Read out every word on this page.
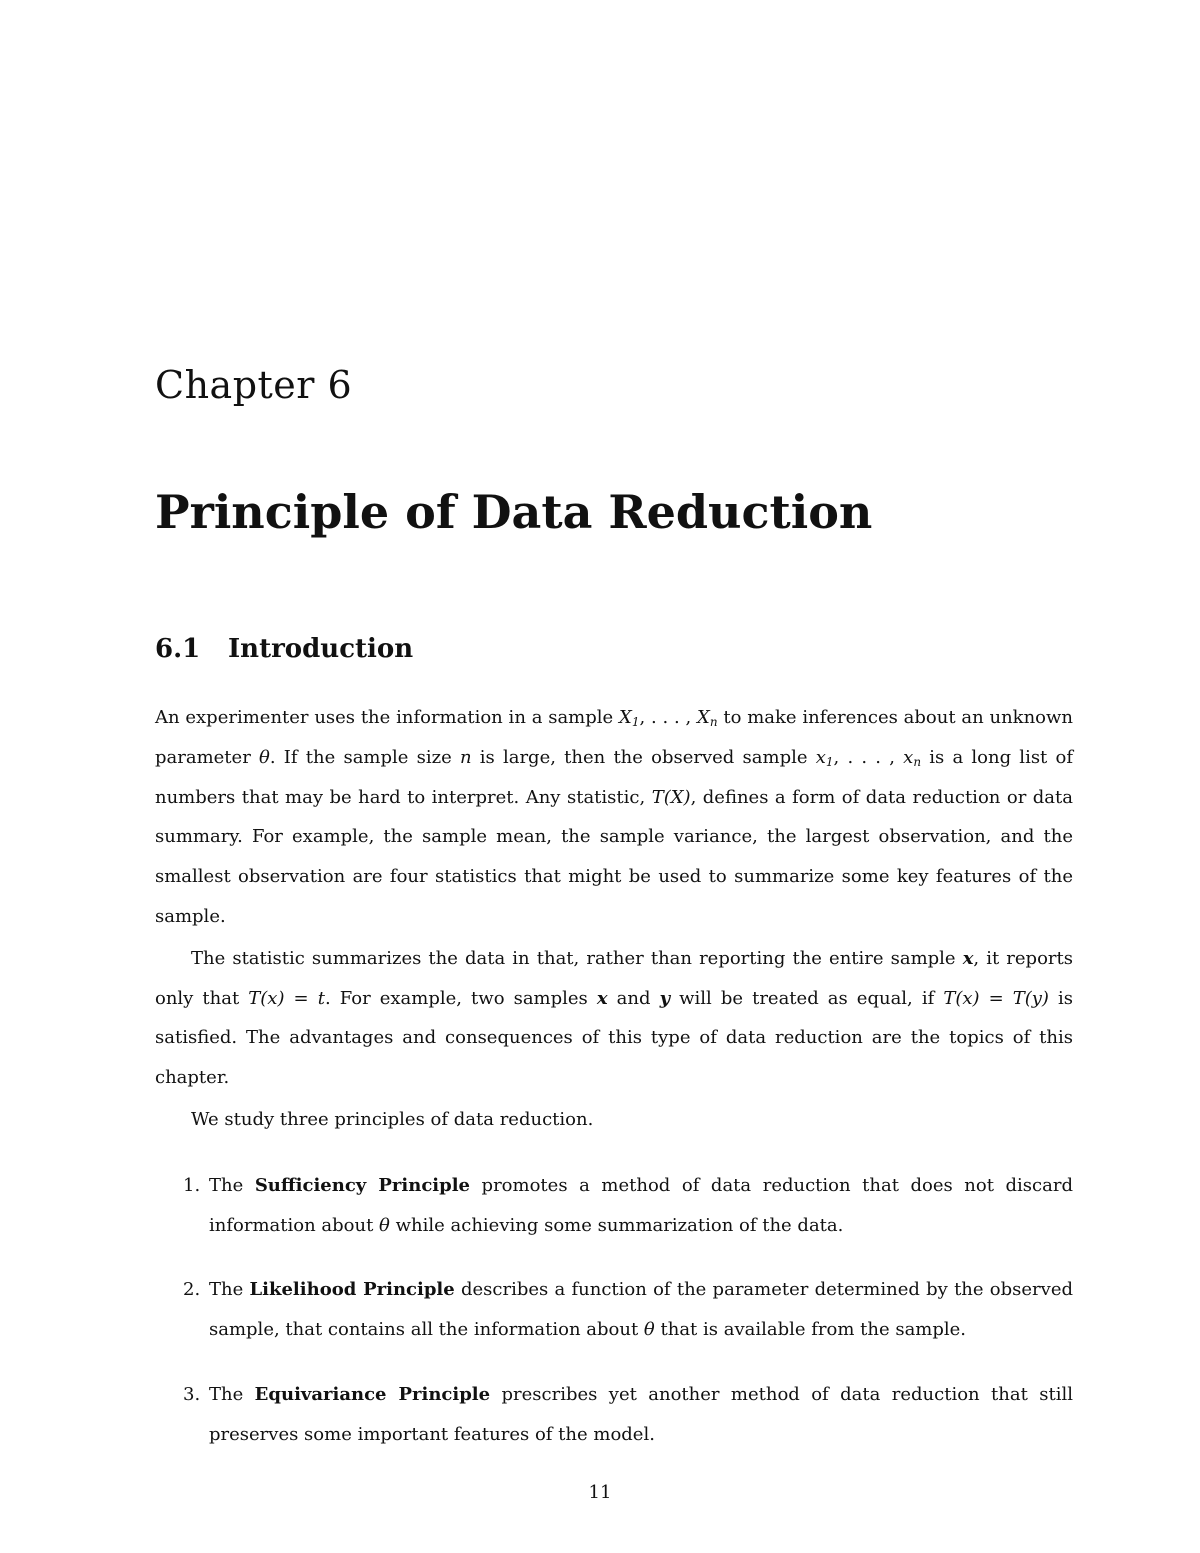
Chapter 6
Principle of Data Reduction
6.1 Introduction

An experimenter uses the information in a sample $X_1$, . . . , $X_n$ to make inferences about an unknown parameter θ. If the sample size n is large, then the observed sample $x_1$, . . . , $x_n$ is a long list of numbers that may be hard to interpret. Any statistic, T(X), defines a form of data reduction or data summary. For example, the sample mean, the sample variance, the largest observation, and the smallest observation are four statistics that might be used to summarize some key features of the sample.

The statistic summarizes the data in that, rather than reporting the entire sample x, it reports only that T(x) = t. For example, two samples x and y will be treated as equal, if T(x) = T(y) is satisfied. The advantages and consequences of this type of data reduction are the topics of this chapter.

We study three principles of data reduction.

1. The Sufficiency Principle promotes a method of data reduction that does not discard information about θ while achieving some summarization of the data.
2. The Likelihood Principle describes a function of the parameter determined by the observed sample, that contains all the information about θ that is available from the sample.
3. The Equivariance Principle prescribes yet another method of data reduction that still preserves some important features of the model.

11
